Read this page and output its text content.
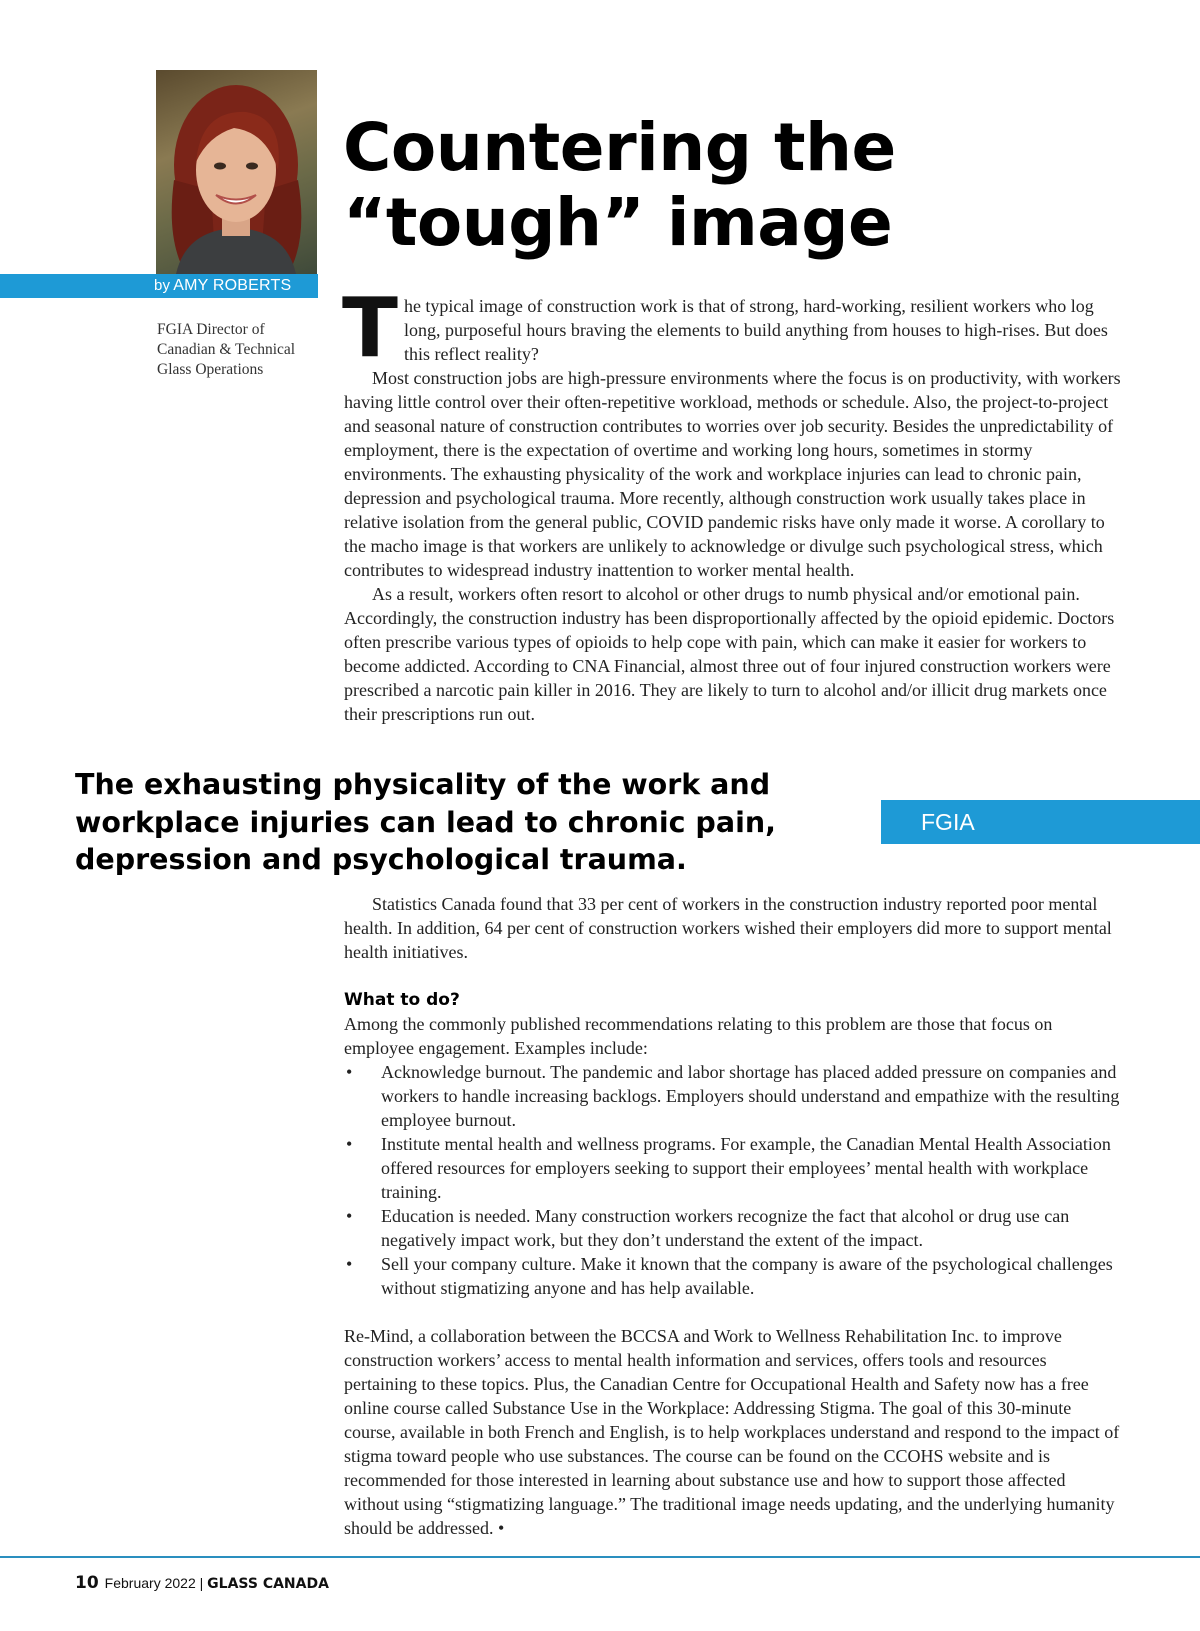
by AMY ROBERTS
FGIA Director of
Canadian & Technical
Glass Operations
Countering the
“tough” image

The typical image of construction work is that of strong, hard-working, resilient workers who log long, purposeful hours braving the elements to build anything from houses to high-rises. But does this reflect reality?

Most construction jobs are high-pressure environments where the focus is on productivity, with workers having little control over their often-repetitive workload, methods or schedule. Also, the project-to-project and seasonal nature of construction contributes to worries over job security. Besides the unpredictability of employment, there is the expectation of overtime and working long hours, sometimes in stormy environments. The exhausting physicality of the work and workplace injuries can lead to chronic pain, depression and psychological trauma. More recently, although construction work usually takes place in relative isolation from the general public, COVID pandemic risks have only made it worse. A corollary to the macho image is that workers are unlikely to acknowledge or divulge such psychological stress, which contributes to widespread industry inattention to worker mental health.

As a result, workers often resort to alcohol or other drugs to numb physical and/or emotional pain. Accordingly, the construction industry has been disproportionally affected by the opioid epidemic. Doctors often prescribe various types of opioids to help cope with pain, which can make it easier for workers to become addicted. According to CNA Financial, almost three out of four injured construction workers were prescribed a narcotic pain killer in 2016. They are likely to turn to alcohol and/or illicit drug markets once their prescriptions run out.

The exhausting physicality of the work and workplace injuries can lead to chronic pain, depression and psychological trauma.

FGIA

Statistics Canada found that 33 per cent of workers in the construction industry reported poor mental health. In addition, 64 per cent of construction workers wished their employers did more to support mental health initiatives.

What to do?

Among the commonly published recommendations relating to this problem are those that focus on employee engagement. Examples include:

• Acknowledge burnout. The pandemic and labor shortage has placed added pressure on companies and workers to handle increasing backlogs. Employers should understand and empathize with the resulting employee burnout.
• Institute mental health and wellness programs. For example, the Canadian Mental Health Association offered resources for employers seeking to support their employees’ mental health with workplace training.
• Education is needed. Many construction workers recognize the fact that alcohol or drug use can negatively impact work, but they don’t understand the extent of the impact.
• Sell your company culture. Make it known that the company is aware of the psychological challenges without stigmatizing anyone and has help available.

Re-Mind, a collaboration between the BCCSA and Work to Wellness Rehabilitation Inc. to improve construction workers’ access to mental health information and services, offers tools and resources pertaining to these topics. Plus, the Canadian Centre for Occupational Health and Safety now has a free online course called Substance Use in the Workplace: Addressing Stigma. The goal of this 30-minute course, available in both French and English, is to help workplaces understand and respond to the impact of stigma toward people who use substances. The course can be found on the CCOHS website and is recommended for those interested in learning about substance use and how to support those affected without using “stigmatizing language.” The traditional image needs updating, and the underlying humanity should be addressed. •

10 February 2022 | GLASS CANADA
